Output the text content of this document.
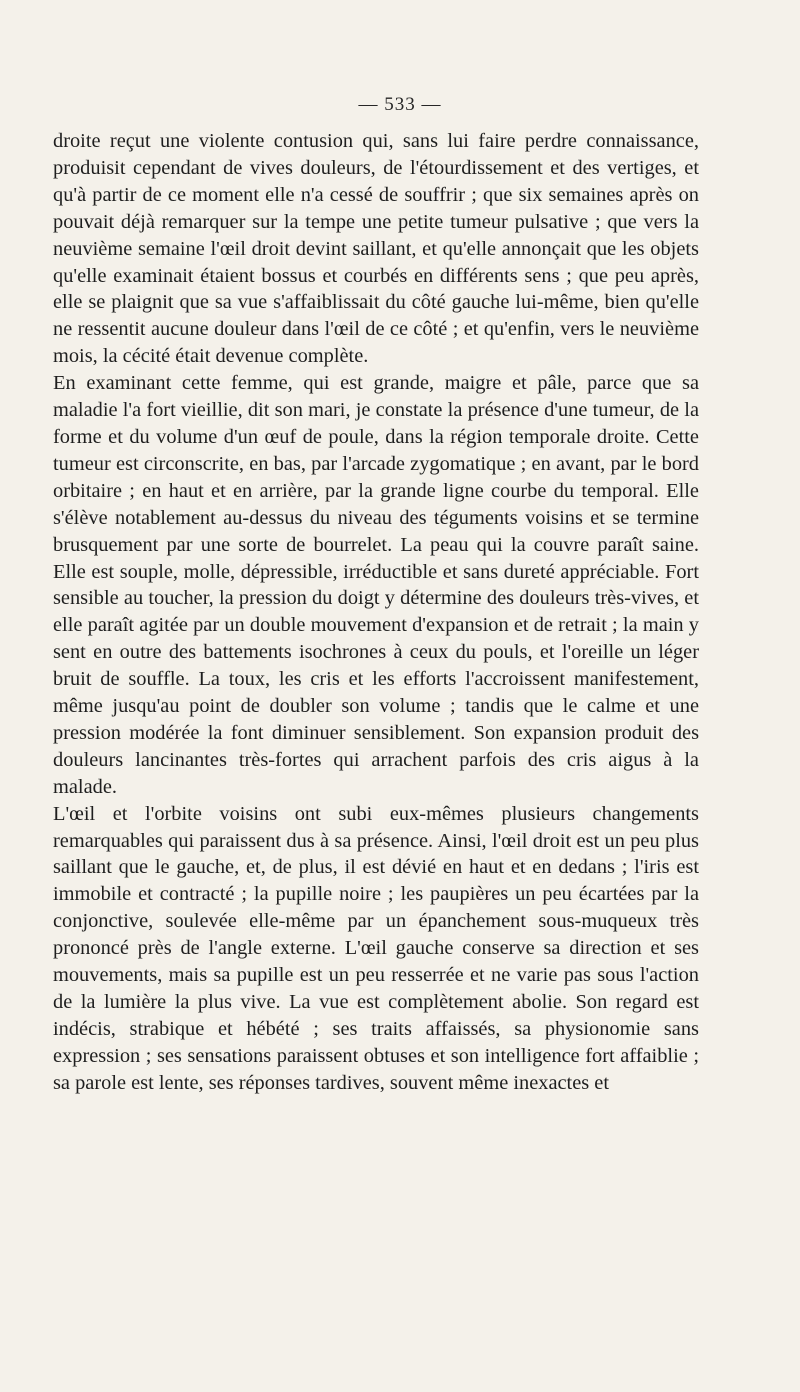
— 533 —

droite reçut une violente contusion qui, sans lui faire perdre connaissance, produisit cependant de vives douleurs, de l'étourdissement et des vertiges, et qu'à partir de ce moment elle n'a cessé de souffrir ; que six semaines après on pouvait déjà remarquer sur la tempe une petite tumeur pulsative ; que vers la neuvième semaine l'œil droit devint saillant, et qu'elle annonçait que les objets qu'elle examinait étaient bossus et courbés en différents sens ; que peu après, elle se plaignit que sa vue s'affaiblissait du côté gauche lui-même, bien qu'elle ne ressentit aucune douleur dans l'œil de ce côté ; et qu'enfin, vers le neuvième mois, la cécité était devenue complète.

En examinant cette femme, qui est grande, maigre et pâle, parce que sa maladie l'a fort vieillie, dit son mari, je constate la présence d'une tumeur, de la forme et du volume d'un œuf de poule, dans la région temporale droite. Cette tumeur est circonscrite, en bas, par l'arcade zygomatique ; en avant, par le bord orbitaire ; en haut et en arrière, par la grande ligne courbe du temporal. Elle s'élève notablement au-dessus du niveau des téguments voisins et se termine brusquement par une sorte de bourrelet. La peau qui la couvre paraît saine. Elle est souple, molle, dépressible, irréductible et sans dureté appréciable. Fort sensible au toucher, la pression du doigt y détermine des douleurs très-vives, et elle paraît agitée par un double mouvement d'expansion et de retrait ; la main y sent en outre des battements isochrones à ceux du pouls, et l'oreille un léger bruit de souffle. La toux, les cris et les efforts l'accroissent manifestement, même jusqu'au point de doubler son volume ; tandis que le calme et une pression modérée la font diminuer sensiblement. Son expansion produit des douleurs lancinantes très-fortes qui arrachent parfois des cris aigus à la malade.

L'œil et l'orbite voisins ont subi eux-mêmes plusieurs changements remarquables qui paraissent dus à sa présence. Ainsi, l'œil droit est un peu plus saillant que le gauche, et, de plus, il est dévié en haut et en dedans ; l'iris est immobile et contracté ; la pupille noire ; les paupières un peu écartées par la conjonctive, soulevée elle-même par un épanchement sous-muqueux très prononcé près de l'angle externe. L'œil gauche conserve sa direction et ses mouvements, mais sa pupille est un peu resserrée et ne varie pas sous l'action de la lumière la plus vive. La vue est complètement abolie. Son regard est indécis, strabique et hébété ; ses traits affaissés, sa physionomie sans expression ; ses sensations paraissent obtuses et son intelligence fort affaiblie ; sa parole est lente, ses réponses tardives, souvent même inexactes et
